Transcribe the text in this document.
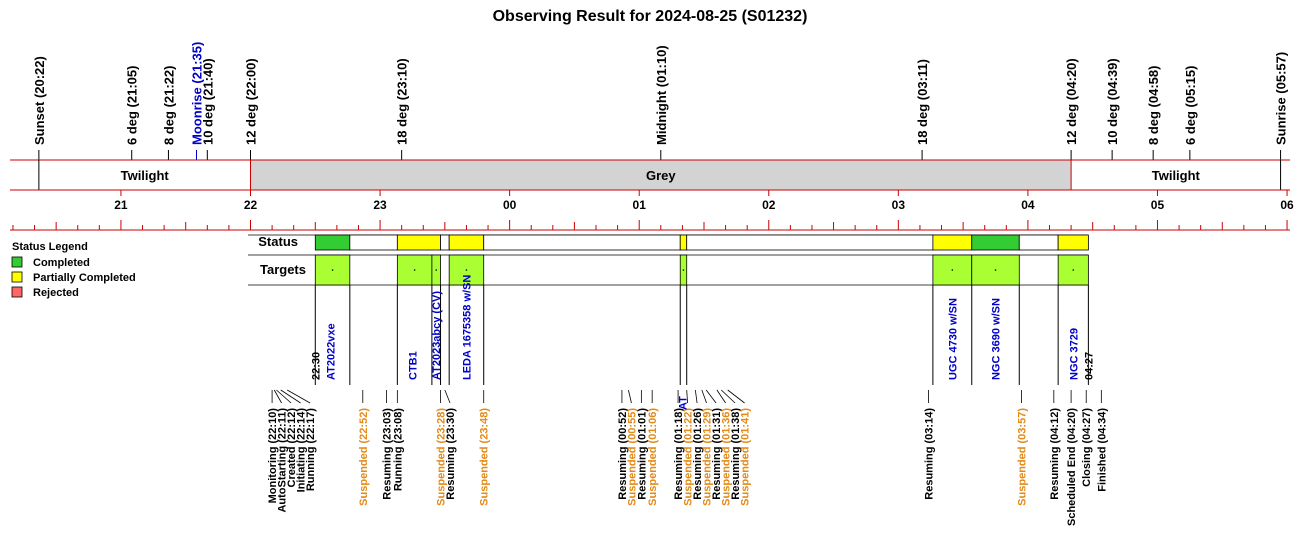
Observing Result for 2024-08-25 (S01232)
Status Legend
Completed
Partially Completed
Rejected
Sunset (20:22)	6 deg (21:05) 8 deg (21:22) Moonrise (21:35)
10 deg (21:40) 12 deg (22:00)	18 deg (23:10)	Midnight (01:10)	18 deg (03:11)	12 deg (04:20) 10 deg (04:39) 8 deg (04:58) 6 deg (05:15)	Sunrise (05:57)
Twilight	Grey	Twilight
21	22	23	00	01	02	03	04	05	06
Status
Targets
22:30 AT2022vxe	CTB1 AT2023abcy (CV) LEDA 1675358 w/SN	UGC 4730 w/SN	NGC 3690 w/SN	NGC 3729 04:27
Monitoring (22:10)
AutoStarting (22:11)
Created (22:12)
Initiating (22:14)
Running (22:17)	Suspended (22:52) Resuming (23:03)
Running (23:08)	Suspended (23:28)
Resuming (23:30) Suspended (23:48)	Resuming (00:52)
Suspended (00:55)
Resuming (01:01)
Suspended (01:06) Resuming (01:18)
Suspended (01:22)
Resuming (01:26)
Suspended (01:29)
Resuming (01:31)
Suspended (01:36)
Resuming (01:38)
Suspended (01:41)	Resuming (03:14)	Suspended (03:57) Resuming (04:12) Scheduled End (04:20) Closing (04:27) Finished (04:34)
AT
